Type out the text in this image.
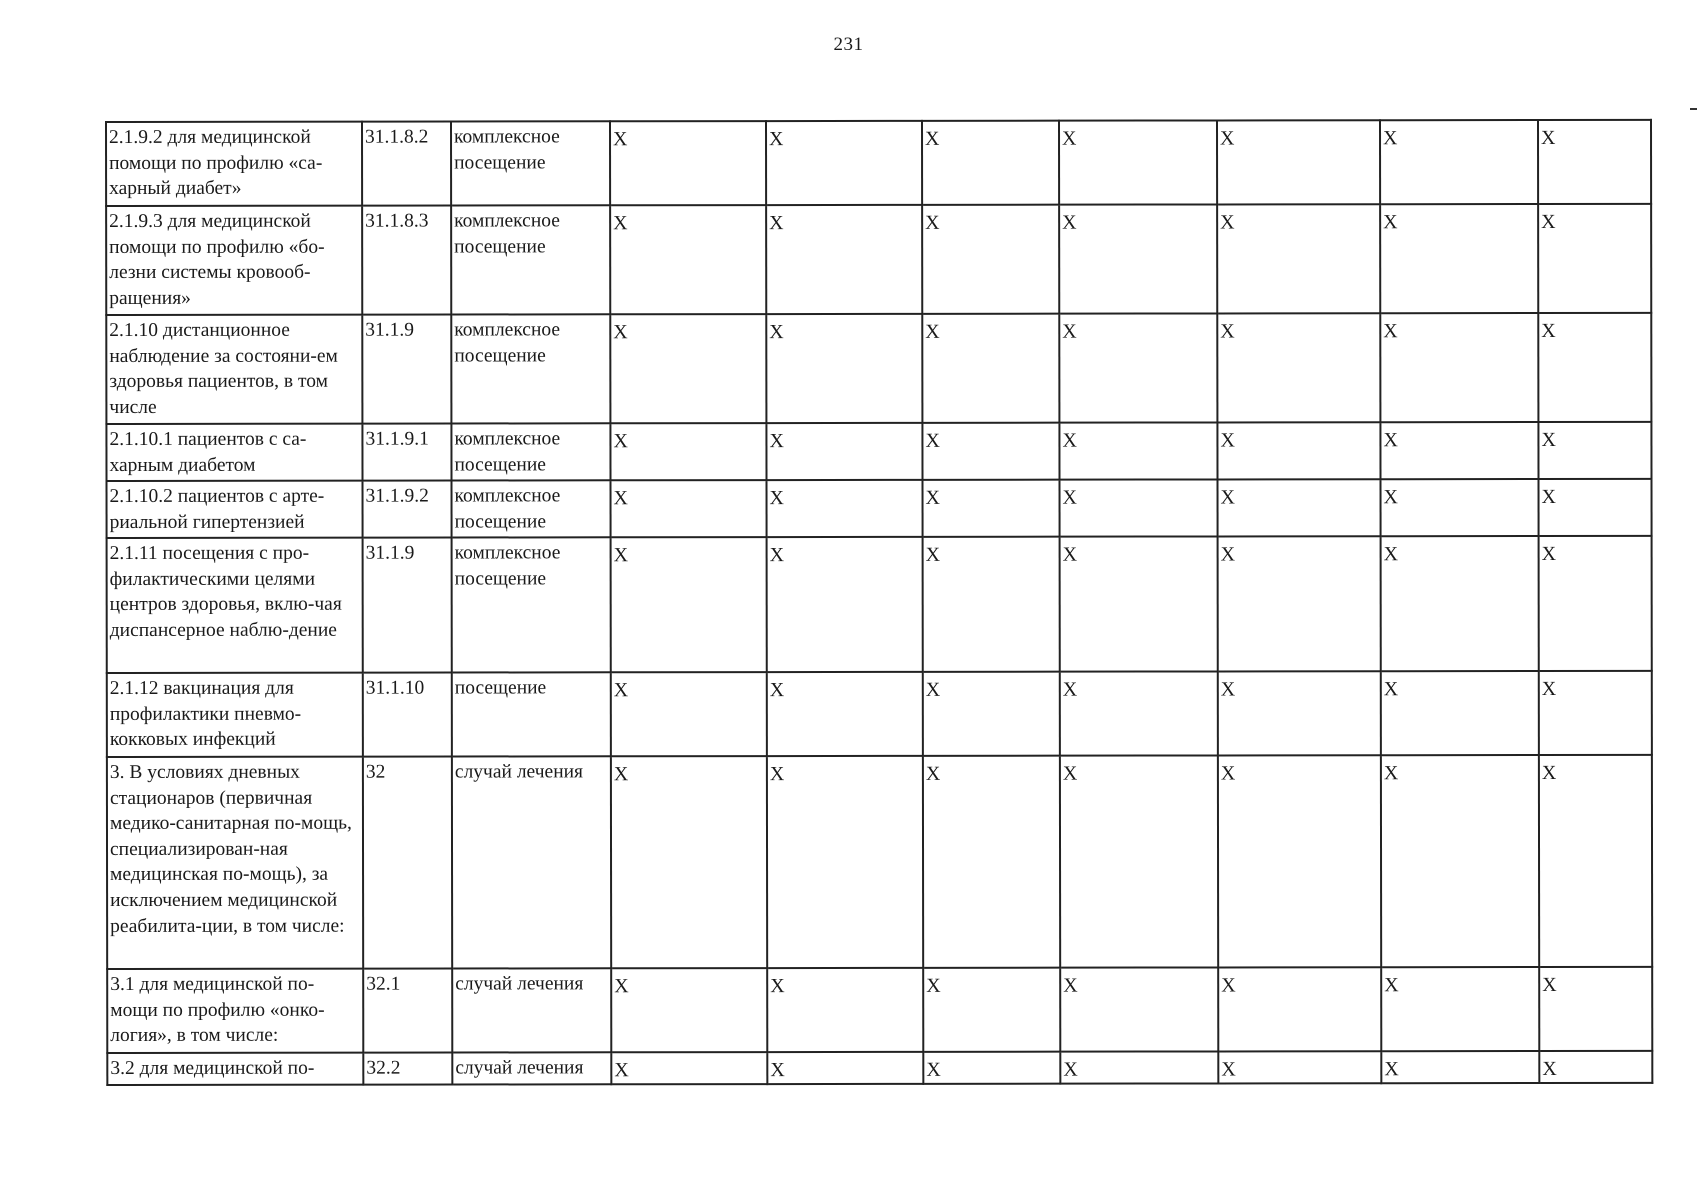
231
2.1.9.2 для медицинской помощи по профилю «са-харный диабет»	31.1.8.2	комплексное посещение	Х	Х	Х	Х	Х	Х	Х
2.1.9.3 для медицинской помощи по профилю «бо-лезни системы кровооб-ращения»	31.1.8.3	комплексное посещение	Х	Х	Х	Х	Х	Х	Х
2.1.10 дистанционное наблюдение за состояни-ем здоровья пациентов, в том числе	31.1.9	комплексное посещение	Х	Х	Х	Х	Х	Х	Х
2.1.10.1 пациентов с са-харным диабетом	31.1.9.1	комплексное посещение	Х	Х	Х	Х	Х	Х	Х
2.1.10.2 пациентов с арте-риальной гипертензией	31.1.9.2	комплексное посещение	Х	Х	Х	Х	Х	Х	Х
2.1.11 посещения с про-филактическими целями центров здоровья, вклю-чая диспансерное наблю-дение	31.1.9	комплексное посещение	Х	Х	Х	Х	Х	Х	Х
2.1.12 вакцинация для профилактики пневмо-кокковых инфекций	31.1.10	посещение	Х	Х	Х	Х	Х	Х	Х
3. В условиях дневных стационаров (первичная медико-санитарная по-мощь, специализирован-ная медицинская по-мощь), за исключением медицинской реабилита-ции, в том числе:	32	случай лечения	Х	Х	Х	Х	Х	Х	Х
3.1 для медицинской по-мощи по профилю «онко-логия», в том числе:	32.1	случай лечения	Х	Х	Х	Х	Х	Х	Х
3.2 для медицинской по-	32.2	случай лечения	Х	Х	Х	Х	Х	Х	Х
